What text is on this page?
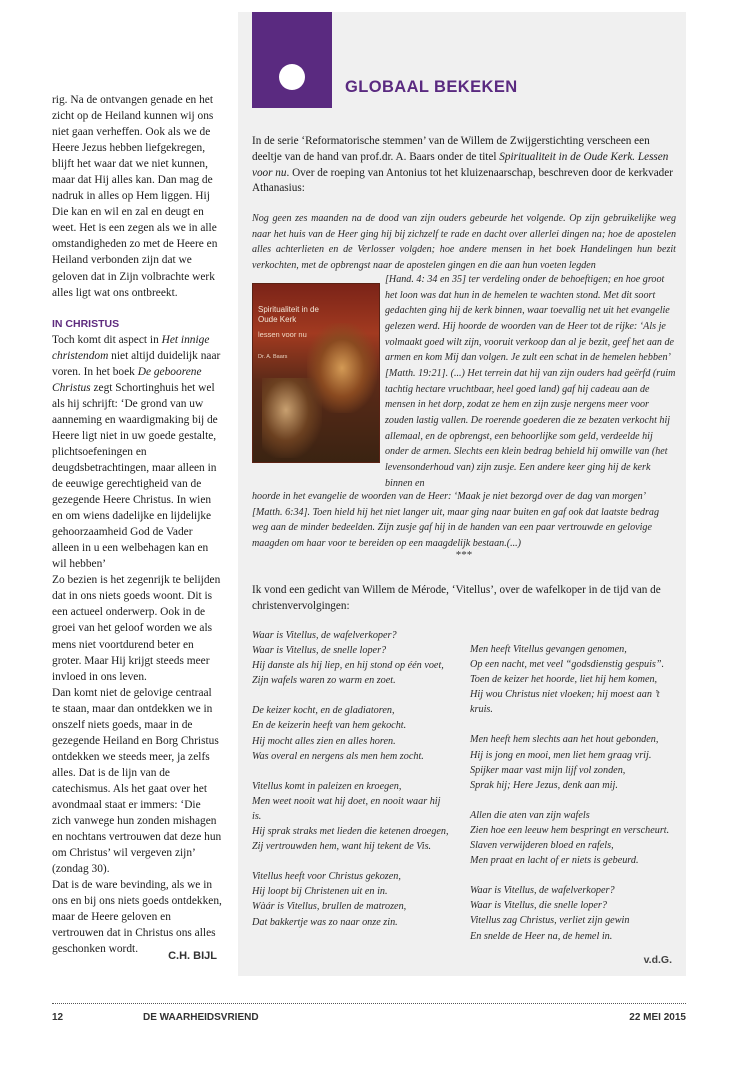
rig. Na de ontvangen genade en het zicht op de Heiland kunnen wij ons niet gaan verheffen. Ook als we de Heere Jezus hebben liefgekregen, blijft het waar dat we niet kunnen, maar dat Hij alles kan. Dan mag de nadruk in alles op Hem liggen. Hij Die kan en wil en zal en deugt en weet. Het is een zegen als we in alle omstandigheden zo met de Heere en Heiland verbonden zijn dat we geloven dat in Zijn volbrachte werk alles ligt wat ons ontbreekt.

IN CHRISTUS

Toch komt dit aspect in Het innige christendom niet altijd duidelijk naar voren. In het boek De geboorene Christus zegt Schortinghuis het wel als hij schrijft: ‘De grond van uw aanneming en waardigmaking bij de Heere ligt niet in uw goede gestalte, plichtsoefeningen en deugdsbetrachtingen, maar alleen in de eeuwige gerechtigheid van de gezegende Heere Christus. In wien en om wiens dadelijke en lijdelijke gehoorzaamheid God de Vader alleen in u een welbehagen kan en wil hebben’

Zo bezien is het zegenrijk te belijden dat in ons niets goeds woont. Dit is een actueel onderwerp. Ook in de groei van het geloof worden we als mens niet voortdurend beter en groter. Maar Hij krijgt steeds meer invloed in ons leven.

Dan komt niet de gelovige centraal te staan, maar dan ontdekken we in onszelf niets goeds, maar in de gezegende Heiland en Borg Christus ontdekken we steeds meer, ja zelfs alles. Dat is de lijn van de catechismus. Als het gaat over het avondmaal staat er immers: ‘Die zich vanwege hun zonden mishagen en nochtans vertrouwen dat deze hun om Christus’ wil vergeven zijn’ (zondag 30).

Dat is de ware bevinding, als we in ons en bij ons niets goeds ontdekken, maar de Heere geloven en vertrouwen dat in Christus ons alles geschonken wordt.

C.H. BIJL
GLOBAAL BEKEKEN
In de serie ‘Reformatorische stemmen’ van de Willem de Zwijgerstichting verscheen een deeltje van de hand van prof.dr. A. Baars onder de titel Spiritualiteit in de Oude Kerk. Lessen voor nu. Over de roeping van Antonius tot het kluizenaarschap, beschreven door de kerkvader Athanasius:
Nog geen zes maanden na de dood van zijn ouders gebeurde het volgende. Op zijn gebruikelijke weg naar het huis van de Heer ging hij bij zichzelf te rade en dacht over allerlei dingen na; hoe de apostelen alles achterlieten en de Verlosser volgden; hoe andere mensen in het boek Handelingen hun bezit verkochten, met de opbrengst naar de apostelen gingen en die aan hun voeten legden
Spiritualiteit in de Oude Kerk
lessen voor nu
Dr. A. Baars
[Hand. 4: 34 en 35] ter verdeling onder de behoeftigen; en hoe groot het loon was dat hun in de hemelen te wachten stond. Met dit soort gedachten ging hij de kerk binnen, waar toevallig net uit het evangelie gelezen werd. Hij hoorde de woorden van de Heer tot de rijke: ‘Als je volmaakt goed wilt zijn, vooruit verkoop dan al je bezit, geef het aan de armen en kom Mij dan volgen. Je zult een schat in de hemelen hebben’ [Matth. 19:21]. (...) Het terrein dat hij van zijn ouders had geërfd (ruim tachtig hectare vruchtbaar, heel goed land) gaf hij cadeau aan de mensen in het dorp, zodat ze hem en zijn zusje nergens meer voor zouden lastig vallen. De roerende goederen die ze bezaten verkocht hij allemaal, en de opbrengst, een behoorlijke som geld, verdeelde hij onder de armen. Slechts een klein bedrag behield hij omwille van (het levensonderhoud van) zijn zusje. Een andere keer ging hij de kerk binnen en
hoorde in het evangelie de woorden van de Heer: ‘Maak je niet bezorgd over de dag van morgen’ [Matth. 6:34]. Toen hield hij het niet langer uit, maar ging naar buiten en gaf ook dat laatste bedrag weg aan de minder bedeelden. Zijn zusje gaf hij in de handen van een paar vertrouwde en gelovige maagden om haar voor te bereiden op een maagdelijk bestaan.(...)
***
Ik vond een gedicht van Willem de Mérode, ‘Vitellus’, over de wafelkoper in de tijd van de christenvervolgingen:
Waar is Vitellus, de wafelverkoper?
Waar is Vitellus, de snelle loper?
Hij danste als hij liep, en hij stond op één voet,
Zijn wafels waren zo warm en zoet.
De keizer kocht, en de gladiatoren,
En de keizerin heeft van hem gekocht.
Hij mocht alles zien en alles horen.
Was overal en nergens als men hem zocht.
Vitellus komt in paleizen en kroegen,
Men weet nooit wat hij doet, en nooit waar hij is.
Hij sprak straks met lieden die ketenen droegen,
Zij vertrouwden hem, want hij tekent de Vis.
Vitellus heeft voor Christus gekozen,
Hij loopt bij Christenen uit en in.
Wàár is Vitellus, brullen de matrozen,
Dat bakkertje was zo naar onze zin.
Men heeft Vitellus gevangen genomen,
Op een nacht, met veel “godsdienstig gespuis”.
Toen de keizer het hoorde, liet hij hem komen,
Hij wou Christus niet vloeken; hij moest aan ’t kruis.
Men heeft hem slechts aan het hout gebonden,
Hij is jong en mooi, men liet hem graag vrij.
Spijker maar vast mijn lijf vol zonden,
Sprak hij; Here Jezus, denk aan mij.
Allen die aten van zijn wafels
Zien hoe een leeuw hem bespringt en verscheurt.
Slaven verwijderen bloed en rafels,
Men praat en lacht of er niets is gebeurd.
Waar is Vitellus, de wafelverkoper?
Waar is Vitellus, die snelle loper?
Vitellus zag Christus, verliet zijn gewin
En snelde de Heer na, de hemel in.
v.d.G.
12	DE WAARHEIDSVRIEND	22 MEI 2015
